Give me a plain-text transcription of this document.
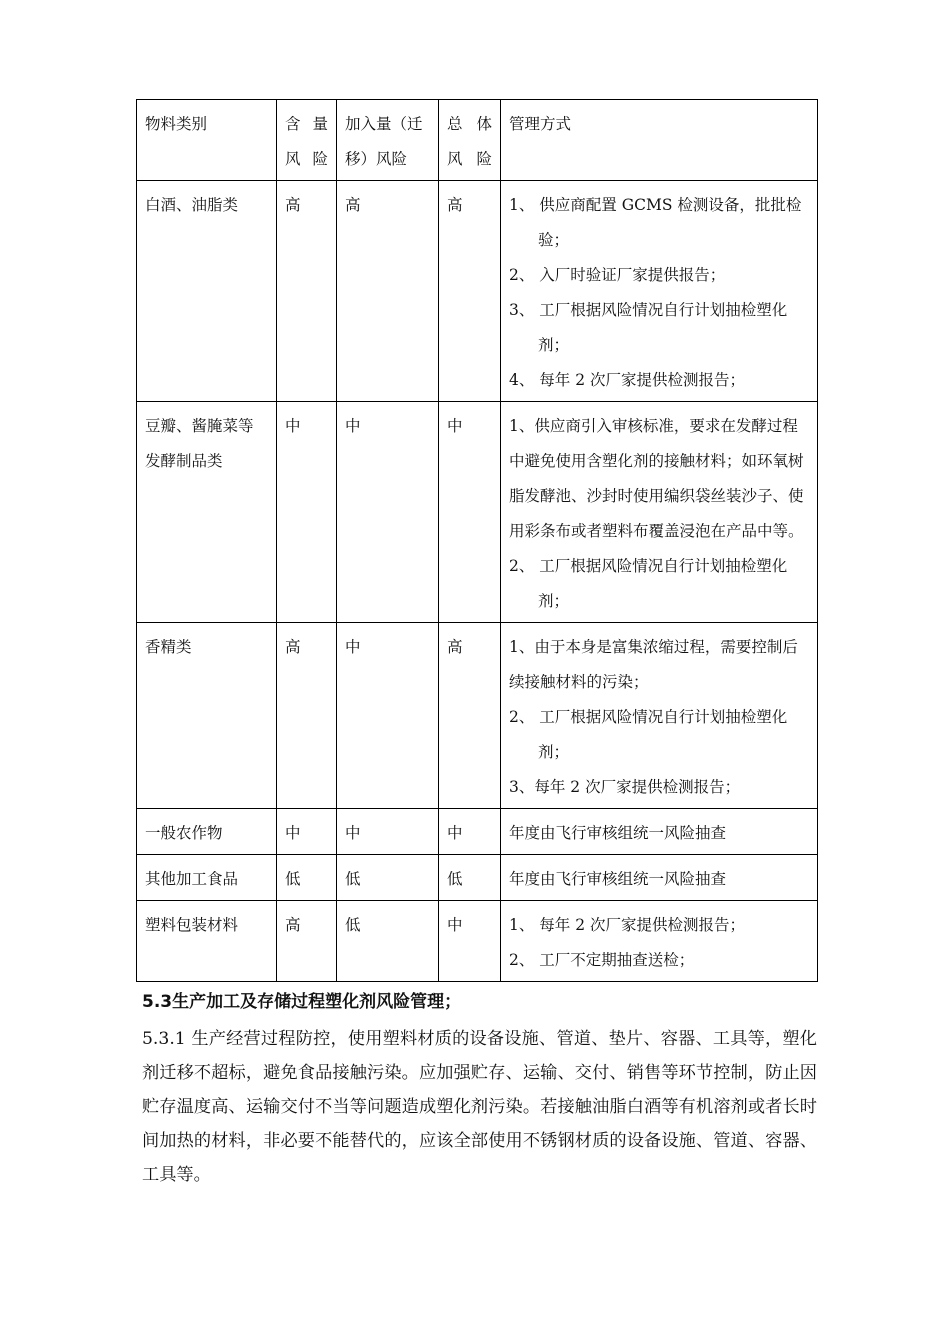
物料类别	含 量风险	加入量（迁移）风险	总 体风险	管理方式
白酒、油脂类	高	高	高	1、 供应商配置 GCMS 检测设备，批批检验；
2、 入厂时验证厂家提供报告；
3、 工厂根据风险情况自行计划抽检塑化剂；
4、 每年 2 次厂家提供检测报告；

豆瓣、酱腌菜等发酵制品类	中	中	中	1、供应商引入审核标准，要求在发酵过程中避免使用含塑化剂的接触材料；如环氧树脂发酵池、沙封时使用编织袋丝装沙子、使用彩条布或者塑料布覆盖浸泡在产品中等。
2、 工厂根据风险情况自行计划抽检塑化剂；

香精类	高	中	高	1、由于本身是富集浓缩过程，需要控制后续接触材料的污染；
2、 工厂根据风险情况自行计划抽检塑化剂；
3、每年 2 次厂家提供检测报告；

一般农作物	中	中	中	年度由飞行审核组统一风险抽查

其他加工食品	低	低	低	年度由飞行审核组统一风险抽查

塑料包装材料	高	低	中	1、 每年 2 次厂家提供检测报告；
2、 工厂不定期抽查送检；
5.3生产加工及存储过程塑化剂风险管理；
5.3.1 生产经营过程防控，使用塑料材质的设备设施、管道、垫片、容器、工具等，塑化剂迁移不超标，避免食品接触污染。应加强贮存、运输、交付、销售等环节控制，防止因贮存温度高、运输交付不当等问题造成塑化剂污染。若接触油脂白酒等有机溶剂或者长时间加热的材料，非必要不能替代的，应该全部使用不锈钢材质的设备设施、管道、容器、工具等。
